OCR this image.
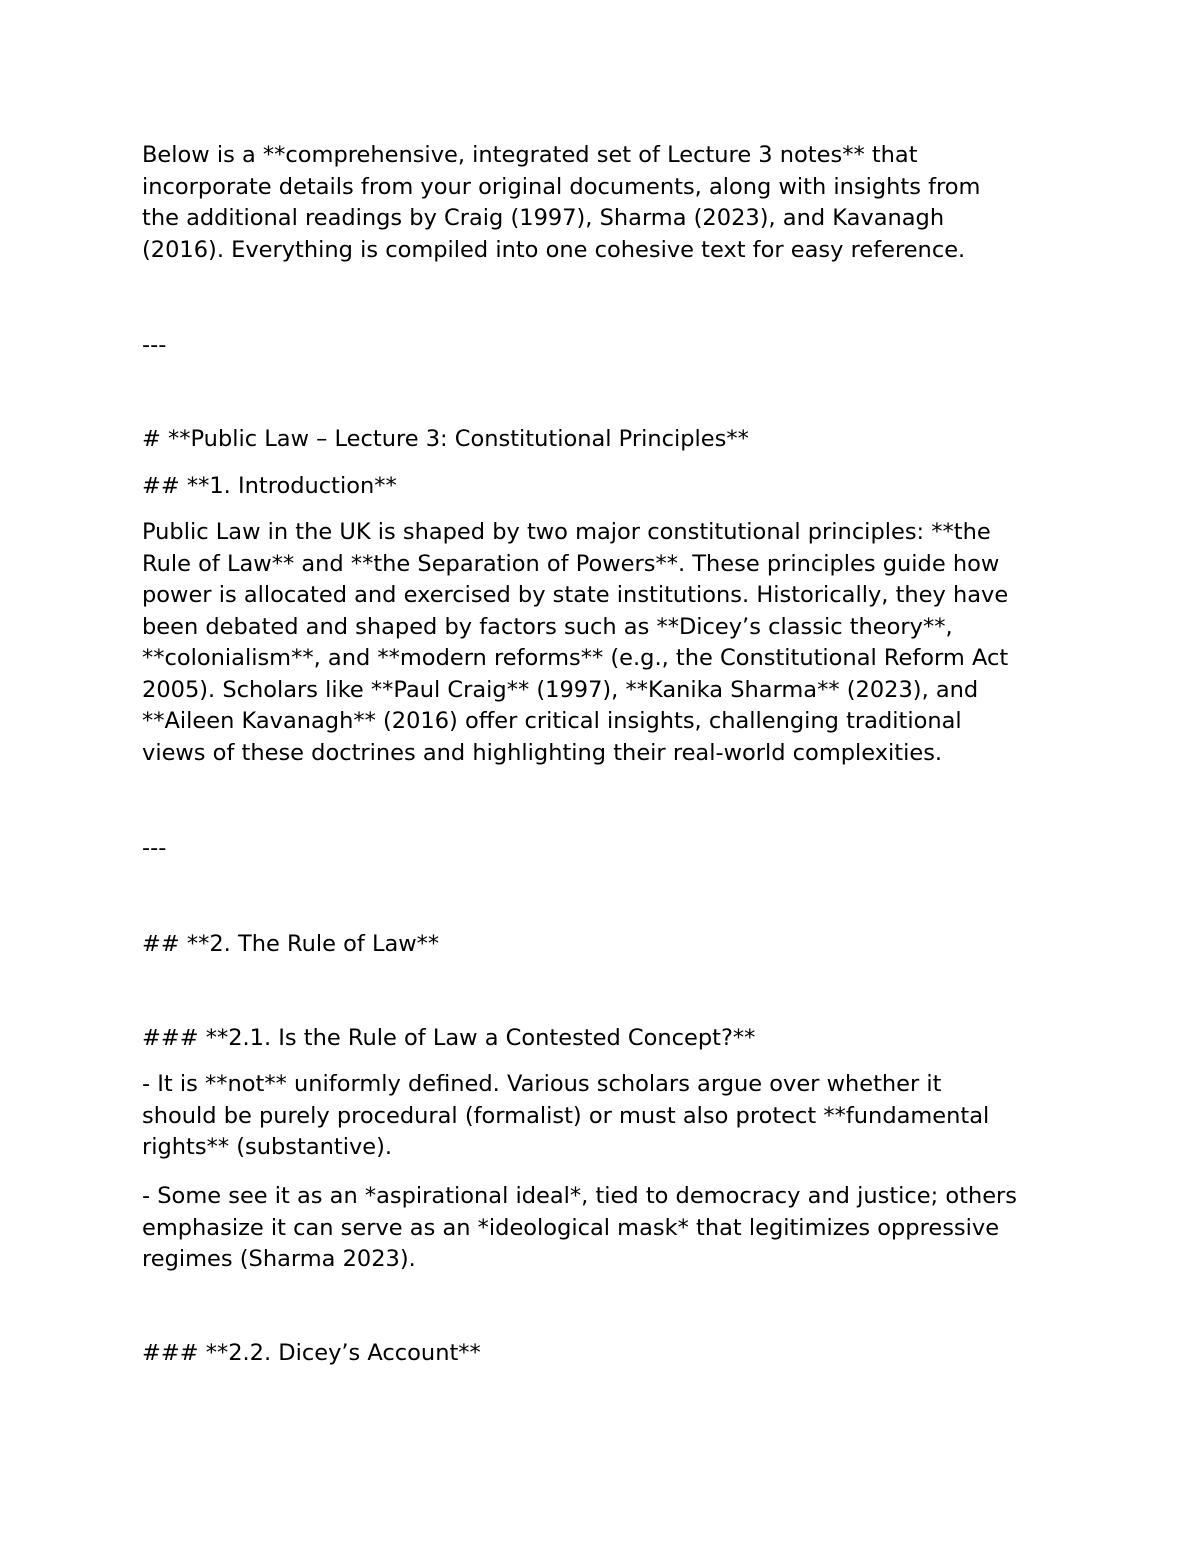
Below is a **comprehensive, integrated set of Lecture 3 notes** that
incorporate details from your original documents, along with insights from
the additional readings by Craig (1997), Sharma (2023), and Kavanagh
(2016). Everything is compiled into one cohesive text for easy reference.

---

# **Public Law – Lecture 3: Constitutional Principles**

## **1. Introduction**

Public Law in the UK is shaped by two major constitutional principles: **the
Rule of Law** and **the Separation of Powers**. These principles guide how
power is allocated and exercised by state institutions. Historically, they have
been debated and shaped by factors such as **Dicey’s classic theory**,
**colonialism**, and **modern reforms** (e.g., the Constitutional Reform Act
2005). Scholars like **Paul Craig** (1997), **Kanika Sharma** (2023), and
**Aileen Kavanagh** (2016) offer critical insights, challenging traditional
views of these doctrines and highlighting their real-world complexities.

---

## **2. The Rule of Law**

### **2.1. Is the Rule of Law a Contested Concept?**

- It is **not** uniformly defined. Various scholars argue over whether it
should be purely procedural (formalist) or must also protect **fundamental
rights** (substantive).

- Some see it as an *aspirational ideal*, tied to democracy and justice; others
emphasize it can serve as an *ideological mask* that legitimizes oppressive
regimes (Sharma 2023).

### **2.2. Dicey’s Account**
